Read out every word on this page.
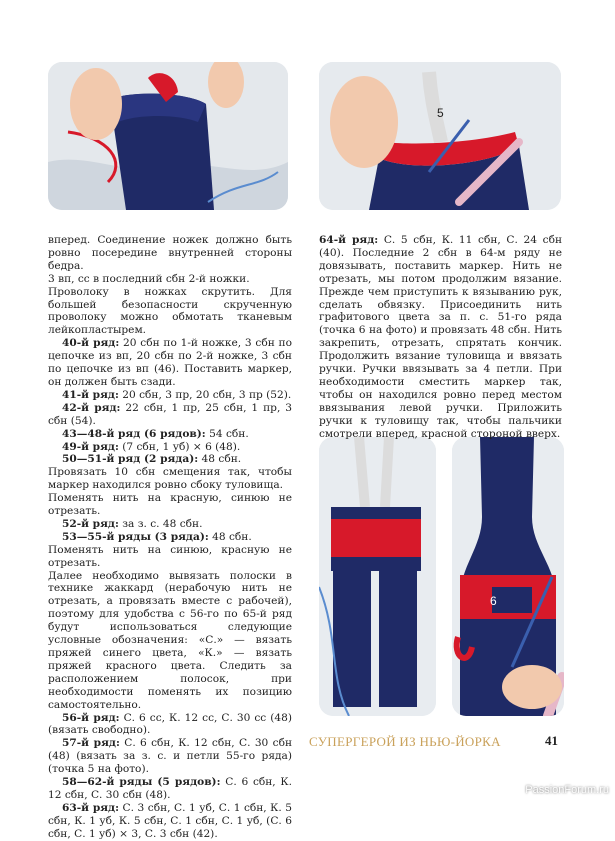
5
6

вперед. Соединение ножек должно быть ровно посередине внутренней стороны бедра.

3 вп, сс в последний сбн 2-й ножки.

Проволоку в ножках скрутить. Для большей безопасности скрученную проволоку можно обмотать тканевым лейкопластырем.

40-й ряд: 20 сбн по 1-й ножке, 3 сбн по цепочке из вп, 20 сбн по 2-й ножке, 3 сбн по цепочке из вп (46). Поставить маркер, он должен быть сзади.

41-й ряд: 20 сбн, 3 пр, 20 сбн, 3 пр (52).

42-й ряд: 22 сбн, 1 пр, 25 сбн, 1 пр, 3 сбн (54).

43—48-й ряд (6 рядов): 54 сбн.

49-й ряд: (7 сбн, 1 уб) × 6 (48).

50—51-й ряд (2 ряда): 48 сбн.

Провязать 10 сбн смещения так, чтобы маркер находился ровно сбоку туловища.

Поменять нить на красную, синюю не отрезать.

52-й ряд: за з. с. 48 сбн.

53—55-й ряды (3 ряда): 48 сбн.

Поменять нить на синюю, красную не отрезать.

Далее необходимо вывязать полоски в технике жаккард (нерабочую нить не отрезать, а провязать вместе с рабочей), поэтому для удобства с 56-го по 65-й ряд будут использоваться следующие условные обозначения: «С.» — вязать пряжей синего цвета, «К.» — вязать пряжей красного цвета. Следить за расположением полосок, при необходимости поменять их позицию самостоятельно.

56-й ряд: С. 6 сс, К. 12 сс, С. 30 сс (48) (вязать свободно).

57-й ряд: С. 6 сбн, К. 12 сбн, С. 30 сбн (48) (вязать за з. с. и петли 55-го ряда) (точка 5 на фото).

58—62-й ряды (5 рядов): С. 6 сбн, К. 12 сбн, С. 30 сбн (48).

63-й ряд: С. 3 сбн, С. 1 уб, С. 1 сбн, К. 5 сбн, К. 1 уб, К. 5 сбн, С. 1 сбн, С. 1 уб, (С. 6 сбн, С. 1 уб) × 3, С. 3 сбн (42).

64-й ряд: С. 5 сбн, К. 11 сбн, С. 24 сбн (40). Последние 2 сбн в 64-м ряду не довязывать, поставить маркер. Нить не отрезать, мы потом продолжим вязание. Прежде чем приступить к вязыванию рук, сделать обвязку. Присоединить нить графитового цвета за п. с. 51-го ряда (точка 6 на фото) и провязать 48 сбн. Нить закрепить, отрезать, спрятать кончик. Продолжить вязание туловища и ввязать ручки. Ручки ввязывать за 4 петли. При необходимости сместить маркер так, чтобы он находился ровно перед местом ввязывания левой ручки. Приложить ручки к туловищу так, чтобы пальчики смотрели вперед, красной стороной вверх.

СУПЕРГЕРОЙ ИЗ НЬЮ-ЙОРКА	41
PassionForum.ru
